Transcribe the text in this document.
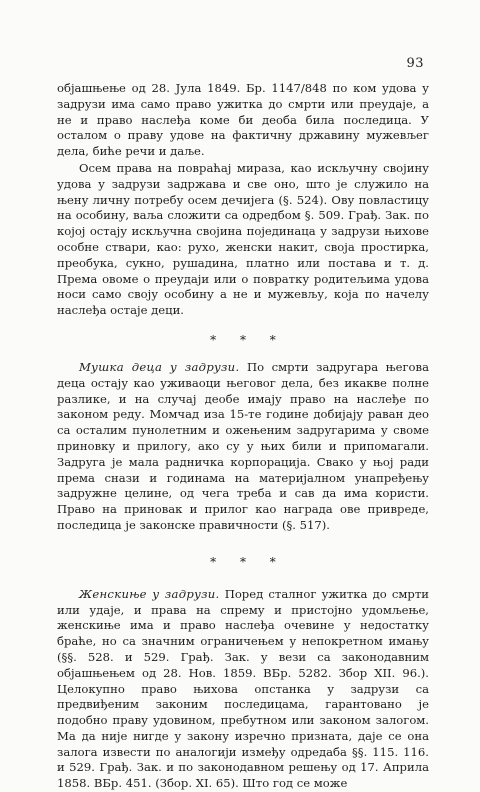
93

објашњење од 28. Јула 1849. Бр. 1147/848 по ком удова у задрузи има само право ужитка до смрти или преудаје, а не и право наслеђа коме би деоба била последица. У осталом о праву удове на фактичну државину мужевљег дела, биће речи и даље.

Осем права на повраћај мираза, као искључну својину удова у задрузи задржава и све оно, што је служило на њену личну потребу осем дечијега (§. 524). Ову повластицу на особину, ваља сложити са одредбом §. 509. Грађ. Зак. по којој остају искључна својина појединаца у задрузи њихове особне ствари, као: рухо, женски накит, своја простирка, преобука, сукно, рушадина, платно или постава и т. д. Према овоме о преудаји или о повратку родитељима удова носи само своју особину а не и мужевљу, која по начелу наслеђа остаје деци.

* * *

Мушка деца у задрузи. По смрти задругара његова деца остају као уживаоци његовог дела, без икакве полне разлике, и на случај деобе имају право на наслеђе по законом реду. Момчад иза 15-те године добијају раван део са осталим пунолетним и ожењеним задругарима у своме приновку и прилогу, ако су у њих били и припомагали. Задруга је мала радничка корпорација. Свако у њој ради према снази и годинама на материјалном унапређењу задружне целине, од чега треба и сав да има користи. Право на приновак и прилог као награда ове привреде, последица је законске правичности (§. 517).

* * *

Женскиње у задрузи. Поред сталног ужитка до смрти или удаје, и права на спрему и пристојно удомљење, женскиње има и право наслеђа очевине у недостатку браће, но са значним ограничењем у непокретном имању (§§. 528. и 529. Грађ. Зак. у вези са законодавним објашњењем од 28. Нов. 1859. ВБр. 5282. Збор XII. 96.). Целокупно право њихова опстанка у задрузи са предвиђеним законим последицама, гарантовано је подобно праву удовином, пребутном или законом залогом. Ма да није нигде у закону изречно призната, даје се она залога извести по аналогији између одредаба §§. 115. 116. и 529. Грађ. Зак. и по законодавном решењу од 17. Априла 1858. ВБр. 451. (Збор. XI. 65). Што год се може
